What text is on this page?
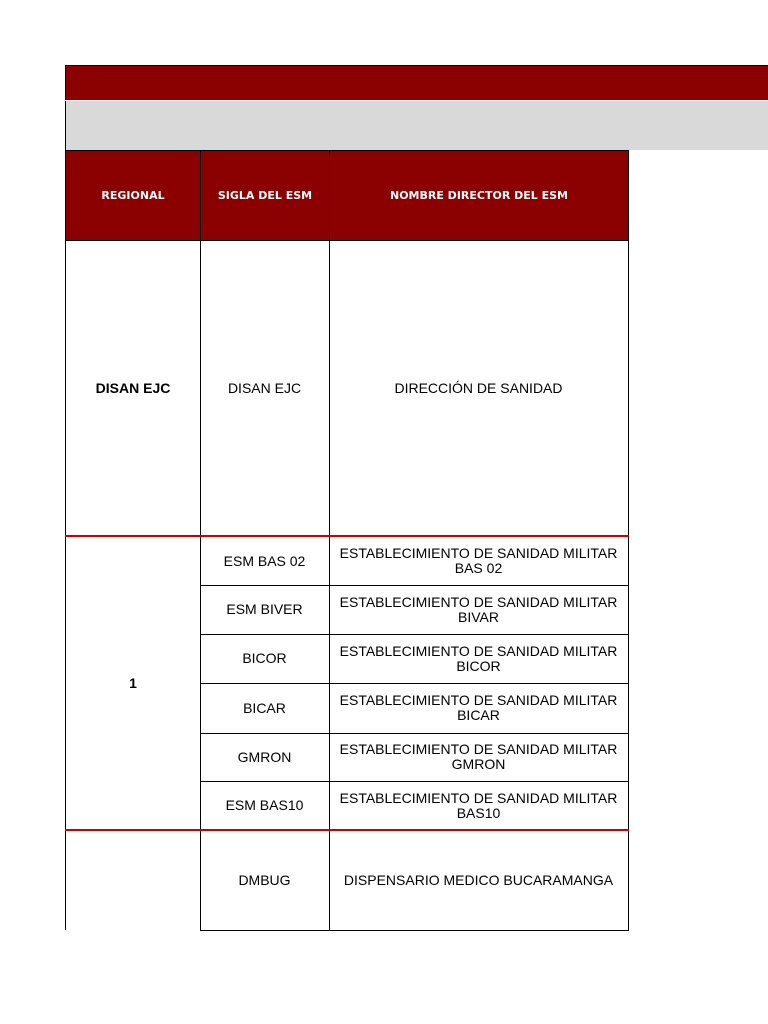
REGIONAL	SIGLA DEL ESM	NOMBRE DIRECTOR DEL ESM
DISAN EJC	DISAN EJC	DIRECCIÓN DE SANIDAD
1
ESM BAS 02	ESTABLECIMIENTO DE SANIDAD MILITAR BAS 02
ESM BIVER	ESTABLECIMIENTO DE SANIDAD MILITAR BIVAR
BICOR	ESTABLECIMIENTO DE SANIDAD MILITAR BICOR
BICAR	ESTABLECIMIENTO DE SANIDAD MILITAR BICAR
GMRON	ESTABLECIMIENTO DE SANIDAD MILITAR GMRON
ESM BAS10	ESTABLECIMIENTO DE SANIDAD MILITAR BAS10
DMBUG	DISPENSARIO MEDICO BUCARAMANGA
